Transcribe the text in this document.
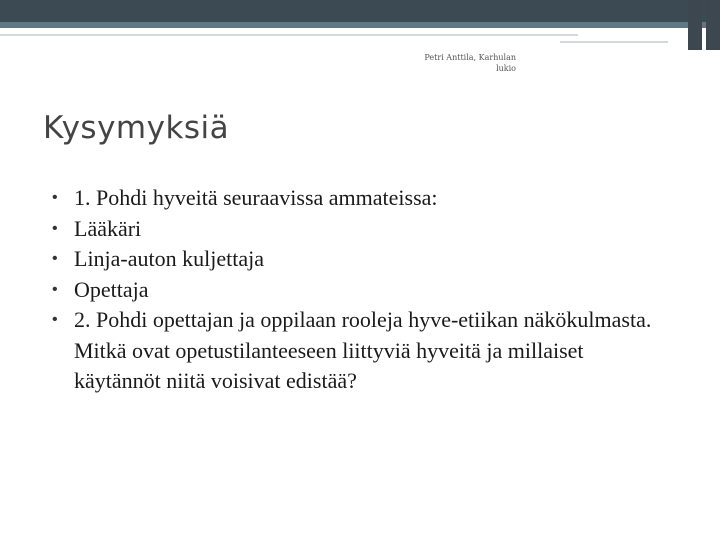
Petri Anttila, Karhulan
lukio
Kysymyksiä
• 1. Pohdi hyveitä seuraavissa ammateissa:
• Lääkäri
• Linja-auton kuljettaja
• Opettaja
• 2. Pohdi opettajan ja oppilaan rooleja hyve-etiikan näkökulmasta. Mitkä ovat opetustilanteeseen liittyviä hyveitä ja millaiset käytännöt niitä voisivat edistää?
